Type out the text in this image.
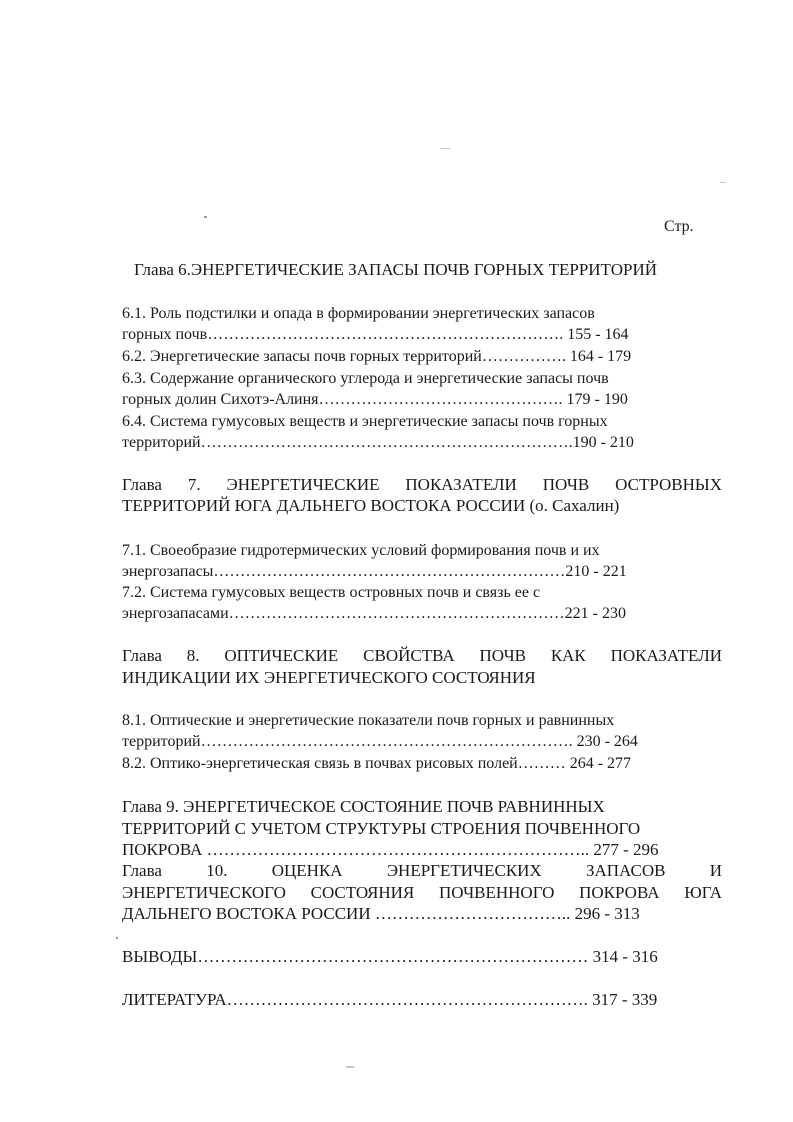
Стр.
Глава 6.ЭНЕРГЕТИЧЕСКИЕ ЗАПАСЫ ПОЧВ ГОРНЫХ ТЕРРИТОРИЙ
6.1. Роль подстилки и опада в формировании энергетических запасов
горных почв…………………………………………………………. 155 - 164
6.2. Энергетические запасы почв горных территорий……………. 164 - 179
6.3. Содержание органического углерода и энергетические запасы почв
горных долин Сихотэ-Алиня………………………………………. 179 - 190
6.4. Система гумусовых веществ и энергетические запасы почв горных
территорий…………………………………………………………….190 - 210
Глава 7. ЭНЕРГЕТИЧЕСКИЕ ПОКАЗАТЕЛИ ПОЧВ ОСТРОВНЫХ
ТЕРРИТОРИЙ ЮГА ДАЛЬНЕГО ВОСТОКА РОССИИ (о. Сахалин)
7.1. Своеобразие гидротермических условий формирования почв и их
энергозапасы…………………………………………………………210 - 221
7.2. Система гумусовых веществ островных почв и связь ее с
энергозапасами………………………………………………………221 - 230
Глава 8. ОПТИЧЕСКИЕ СВОЙСТВА ПОЧВ КАК ПОКАЗАТЕЛИ
ИНДИКАЦИИ ИХ ЭНЕРГЕТИЧЕСКОГО СОСТОЯНИЯ
8.1. Оптические и энергетические показатели почв горных и равнинных
территорий……………………………………………………………. 230 - 264
8.2. Оптико-энергетическая связь в почвах рисовых полей……… 264 - 277
Глава 9. ЭНЕРГЕТИЧЕСКОЕ СОСТОЯНИЕ ПОЧВ РАВНИННЫХ
ТЕРРИТОРИЙ С УЧЕТОМ СТРУКТУРЫ СТРОЕНИЯ ПОЧВЕННОГО
ПОКРОВА ………………………………………………………….. 277 - 296
Глава 10. ОЦЕНКА ЭНЕРГЕТИЧЕСКИХ ЗАПАСОВ И
ЭНЕРГЕТИЧЕСКОГО СОСТОЯНИЯ ПОЧВЕННОГО ПОКРОВА ЮГА
ДАЛЬНЕГО ВОСТОКА РОССИИ …………………………….. 296 - 313
ВЫВОДЫ…………………………………………………………… 314 - 316
ЛИТЕРАТУРА………………………………………………………. 317 - 339
